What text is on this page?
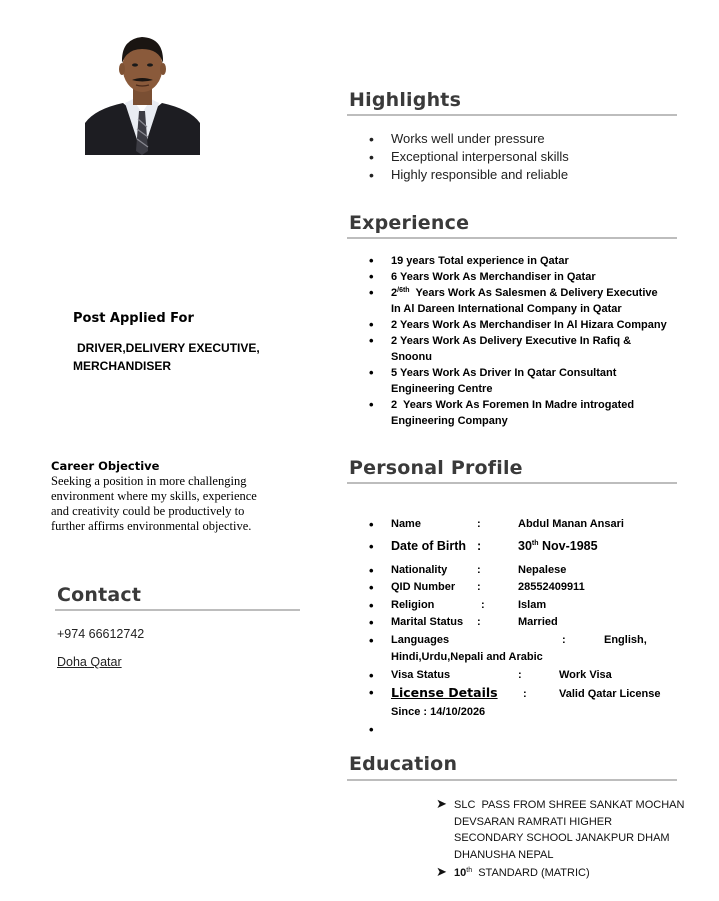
Post Applied For
DRIVER,DELIVERY EXECUTIVE, MERCHANDISER
Career Objective
Seeking a position in more challenging
environment where my skills, experience
and creativity could be productively to
further affirms environmental objective.
Contact
+974 66612742
Doha Qatar
Highlights
• Works well under pressure
• Exceptional interpersonal skills
• Highly responsible and reliable
Experience
• 19 years Total experience in Qatar
• 6 Years Work As Merchandiser in Qatar
• $2^{/6th}$  Years Work As Salesmen & Delivery Executive
In Al Dareen International Company in Qatar
• 2 Years Work As Merchandiser In Al Hizara Company
• 2 Years Work As Delivery Executive In Rafiq &
Snoonu
• 5 Years Work As Driver In Qatar Consultant
Engineering Centre
• 2  Years Work As Foremen In Madre introgated
Engineering Company
Personal Profile
• Name	:	Abdul Manan Ansari
• Date of Birth :	30th Nov-1985
• Nationality	:	Nepalese
• QID Number :	28552409911
• Religion	:	Islam
• Marital Status :	Married
• Languages	:	English,
Hindi,Urdu,Nepali and Arabic
• Visa Status	:	Work Visa
• License Details :	Valid Qatar License
Since : 14/10/2026
•
Education
➤ SLC  PASS FROM SHREE SANKAT MOCHAN
DEVSARAN RAMRATI HIGHER
SECONDARY SCHOOL JANAKPUR DHAM
DHANUSHA NEPAL
➤ 10th  STANDARD (MATRIC)
